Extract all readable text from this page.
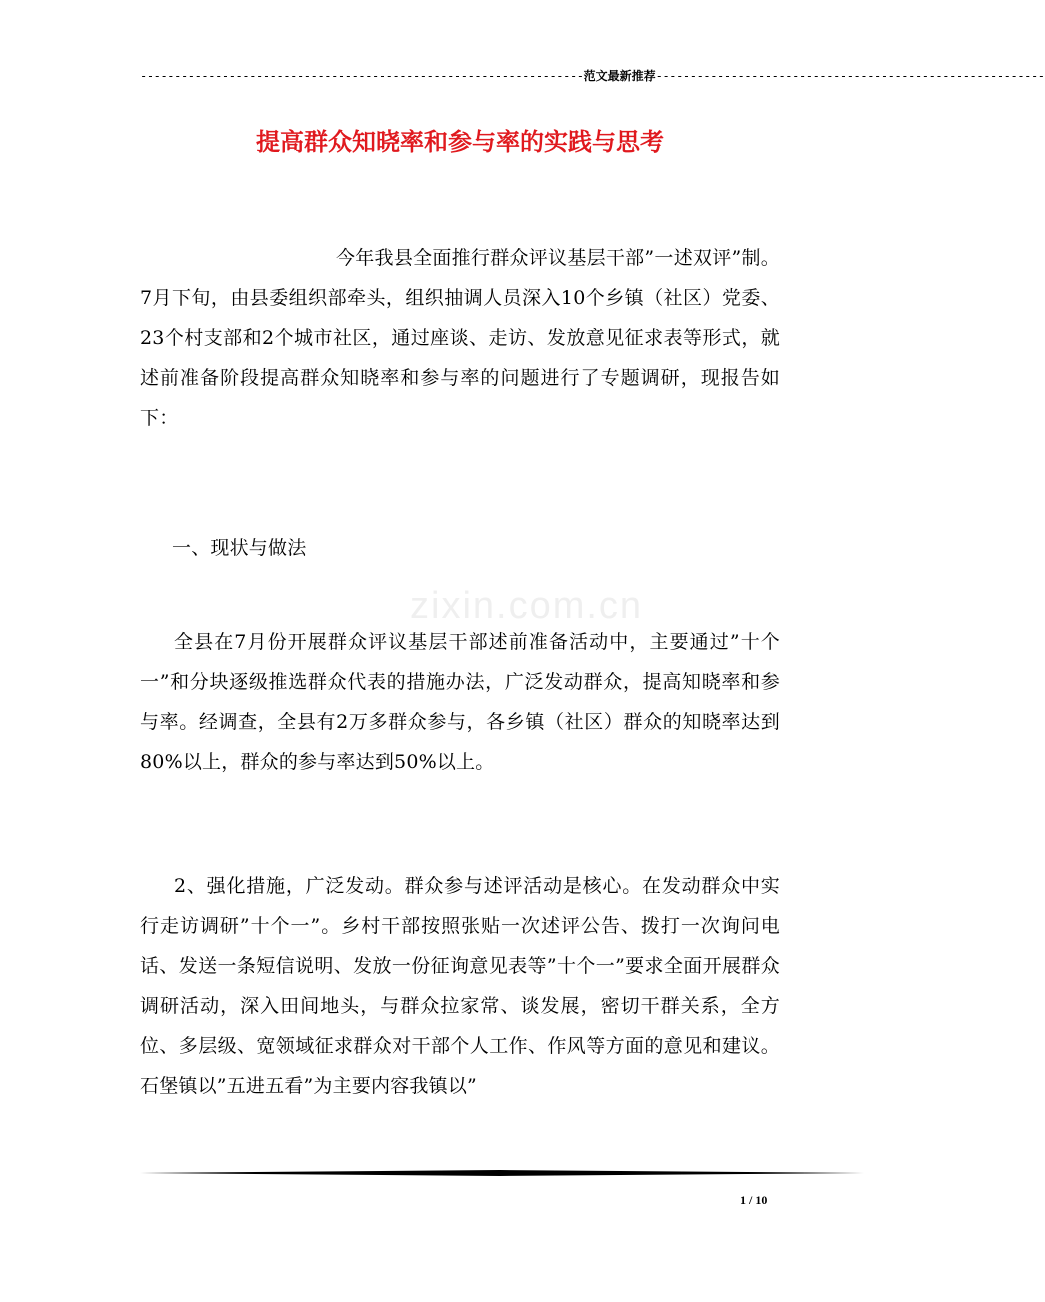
-----------------------------------------------------------------范文最新推荐---------------------------------------------------------
提高群众知晓率和参与率的实践与思考
zixin.com.cn
今年我县全面推行群众评议基层干部”一述双评”制。7月下旬，由县委组织部牵头，组织抽调人员深入10个乡镇（社区）党委、23个村支部和2个城市社区，通过座谈、走访、发放意见征求表等形式，就述前准备阶段提高群众知晓率和参与率的问题进行了专题调研，现报告如下：
一、现状与做法
全县在7月份开展群众评议基层干部述前准备活动中，主要通过”十个一”和分块逐级推选群众代表的措施办法，广泛发动群众，提高知晓率和参与率。经调查，全县有2万多群众参与，各乡镇（社区）群众的知晓率达到80%以上，群众的参与率达到50%以上。
2、强化措施，广泛发动。群众参与述评活动是核心。在发动群众中实行走访调研”十个一”。乡村干部按照张贴一次述评公告、拨打一次询问电话、发送一条短信说明、发放一份征询意见表等”十个一”要求全面开展群众调研活动，深入田间地头，与群众拉家常、谈发展，密切干群关系，全方位、多层级、宽领域征求群众对干部个人工作、作风等方面的意见和建议。石堡镇以”五进五看”为主要内容我镇以”
1 / 10
